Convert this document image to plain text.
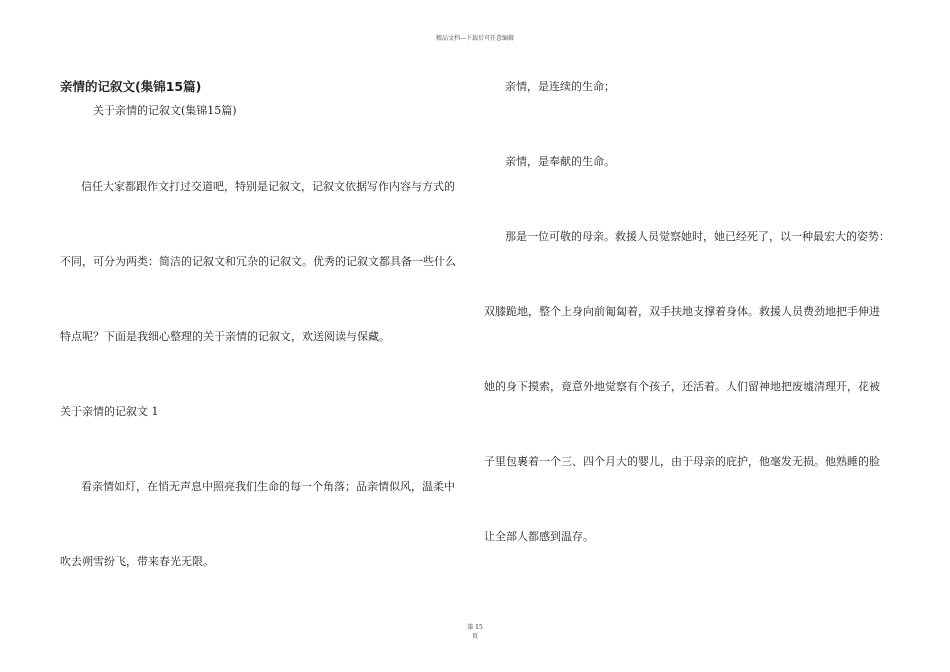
精品文档---下载后可任意编辑
亲情的记叙文(集锦15篇)
关于亲情的记叙文(集锦15篇)
信任大家都跟作文打过交道吧，特别是记叙文，记叙文依据写作内容与方式的
不同，可分为两类：简洁的记叙文和冗杂的记叙文。优秀的记叙文都具备一些什么
特点呢？下面是我细心整理的关于亲情的记叙文，欢送阅读与保藏。
关于亲情的记叙文 1
看亲情如灯，在悄无声息中照亮我们生命的每一个角落；品亲情似风，温柔中
吹去朔雪纷飞，带来春光无限。
亲情，是连续的生命；
亲情，是奉献的生命。
那是一位可敬的母亲。救援人员觉察她时，她已经死了，以一种最宏大的姿势：
双膝跪地，整个上身向前匍匐着，双手扶地支撑着身体。救援人员费劲地把手伸进
她的身下摸索，竟意外地觉察有个孩子，还活着。人们留神地把废墟清理开，花被
子里包裹着一个三、四个月大的婴儿，由于母亲的庇护，他毫发无损。他熟睡的脸
让全部人都感到温存。
第 15
页
